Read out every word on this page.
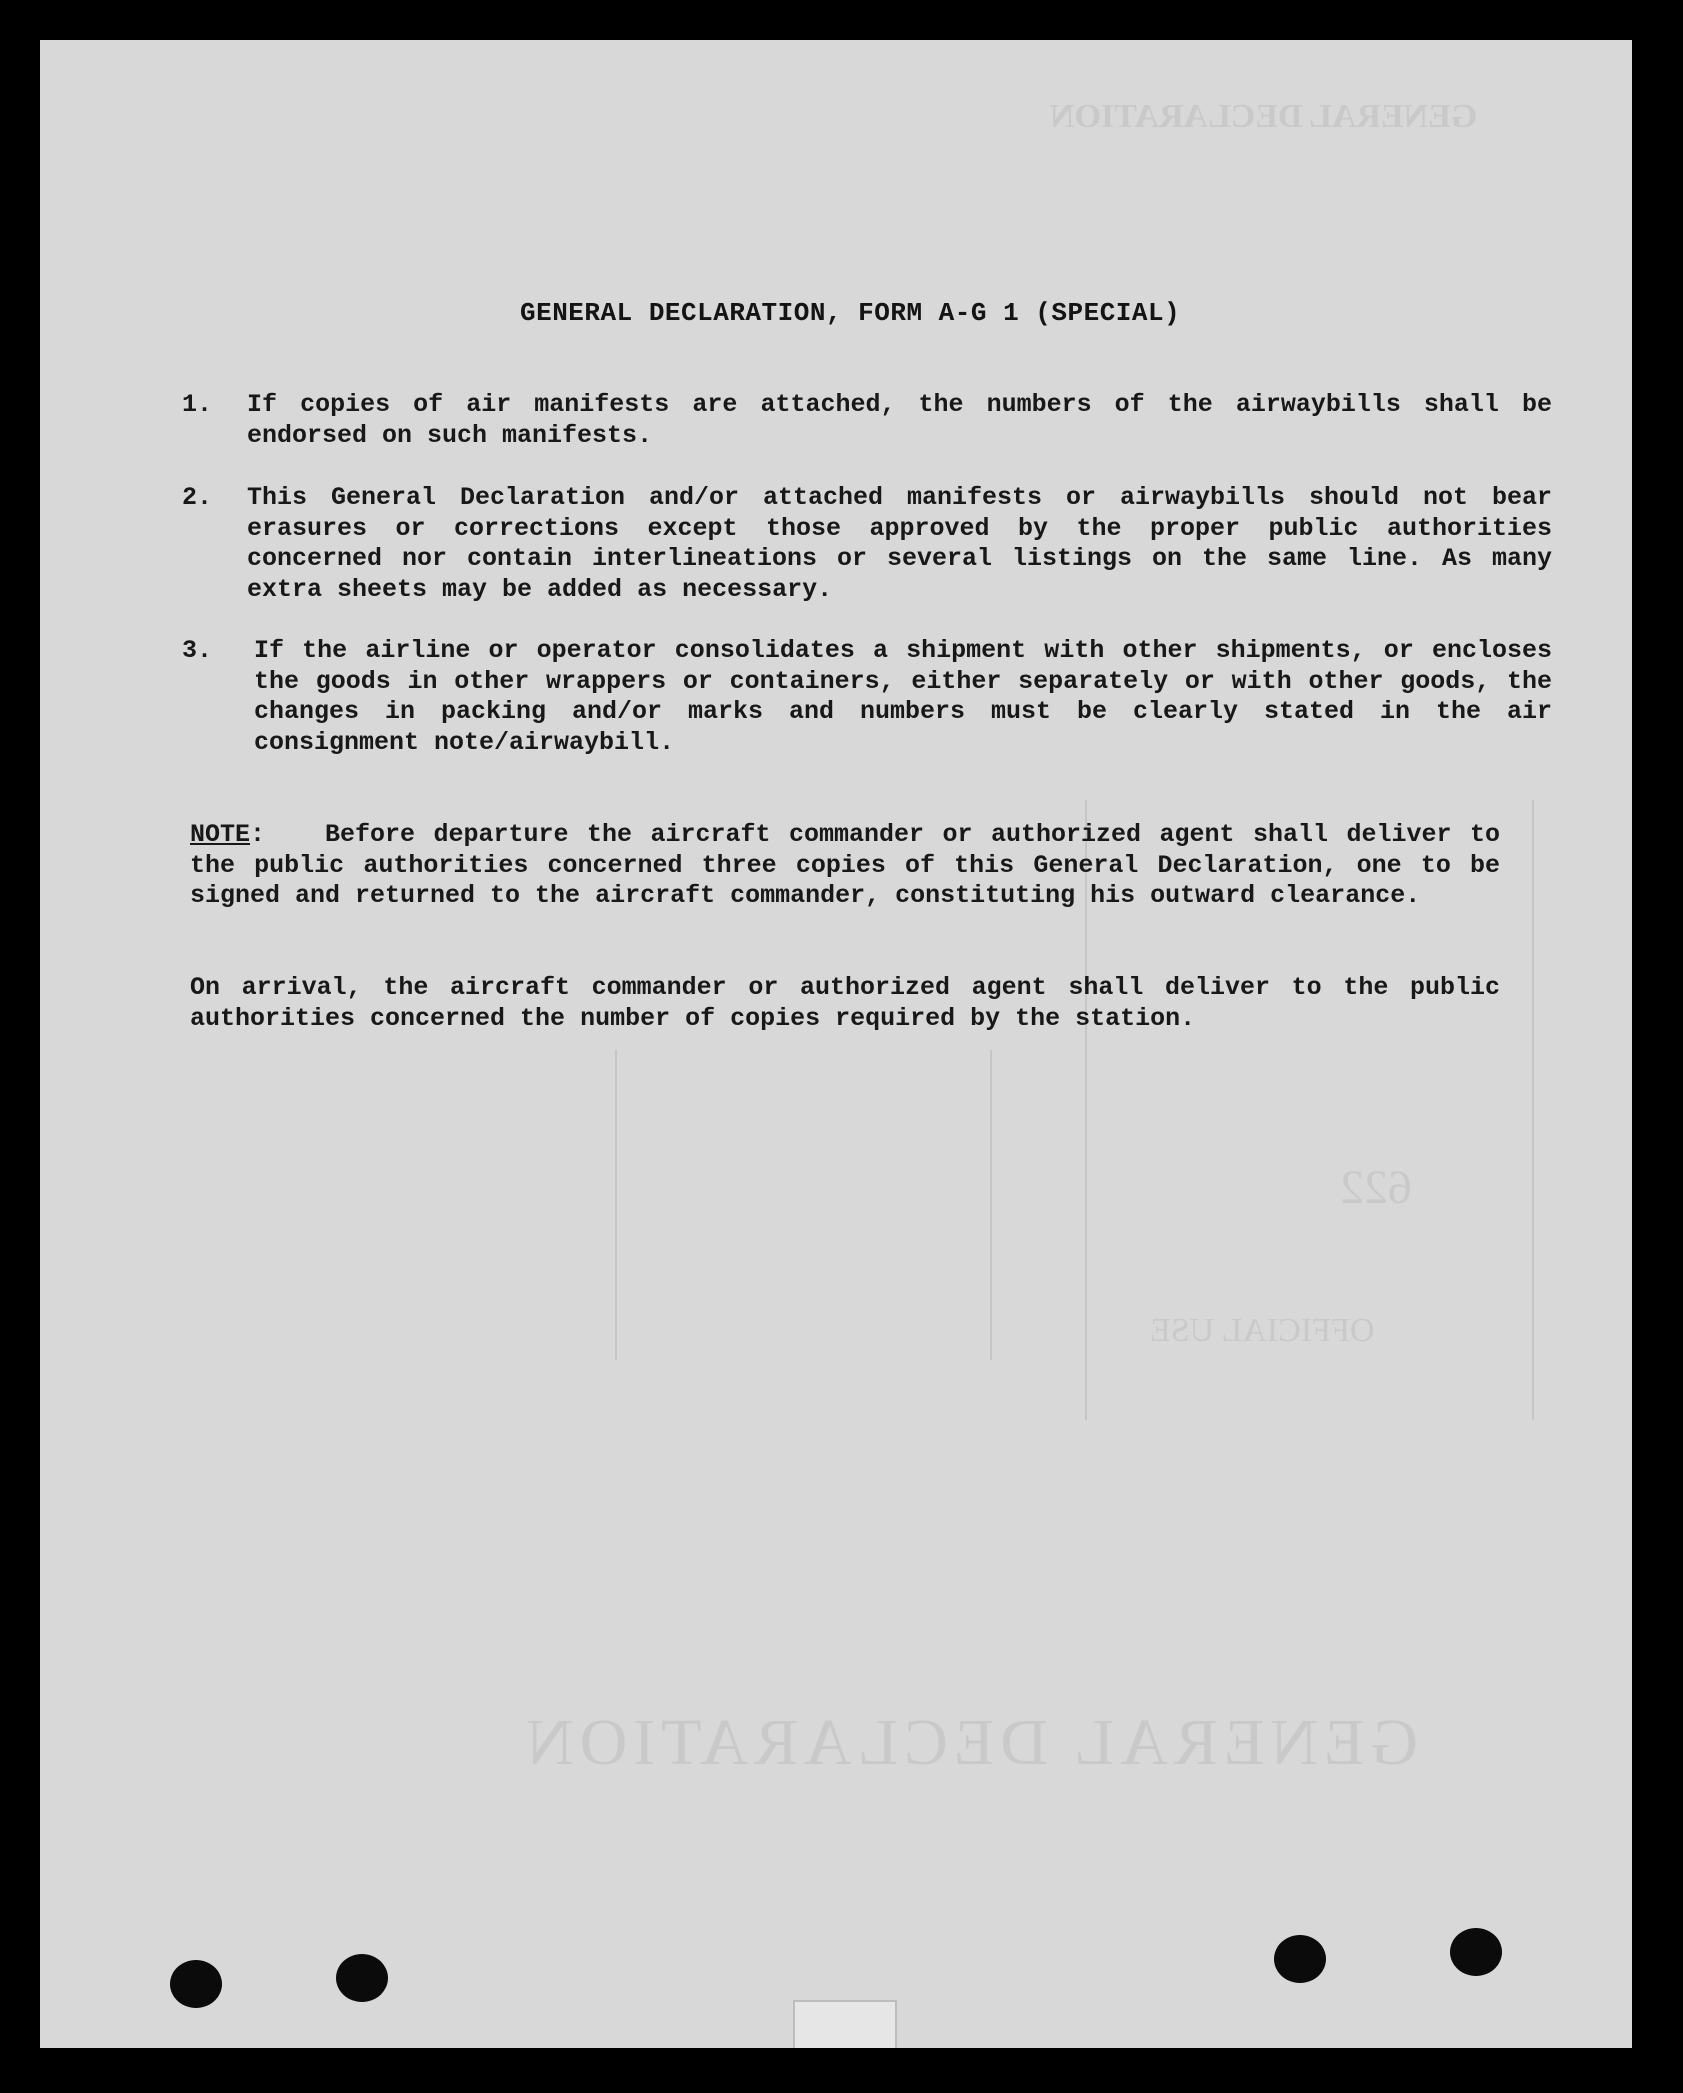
GENERAL DECLARATION
622
OFFICIAL USE
GENERAL DECLARATION
GENERAL DECLARATION, FORM A-G 1 (SPECIAL)
1. If copies of air manifests are attached, the numbers of the airwaybills shall be endorsed on such manifests.
2. This General Declaration and/or attached manifests or airwaybills should not bear erasures or corrections except those approved by the proper public authorities concerned nor contain interlineations or several listings on the same line. As many extra sheets may be added as necessary.
3. If the airline or operator consolidates a shipment with other shipments, or encloses the goods in other wrappers or containers, either separately or with other goods, the changes in packing and/or marks and numbers must be clearly stated in the air consignment note/airwaybill.
NOTE: Before departure the aircraft commander or authorized agent shall deliver to the public authorities concerned three copies of this General Declaration, one to be signed and returned to the aircraft commander, constituting his outward clearance.
On arrival, the aircraft commander or authorized agent shall deliver to the public authorities concerned the number of copies required by the station.
